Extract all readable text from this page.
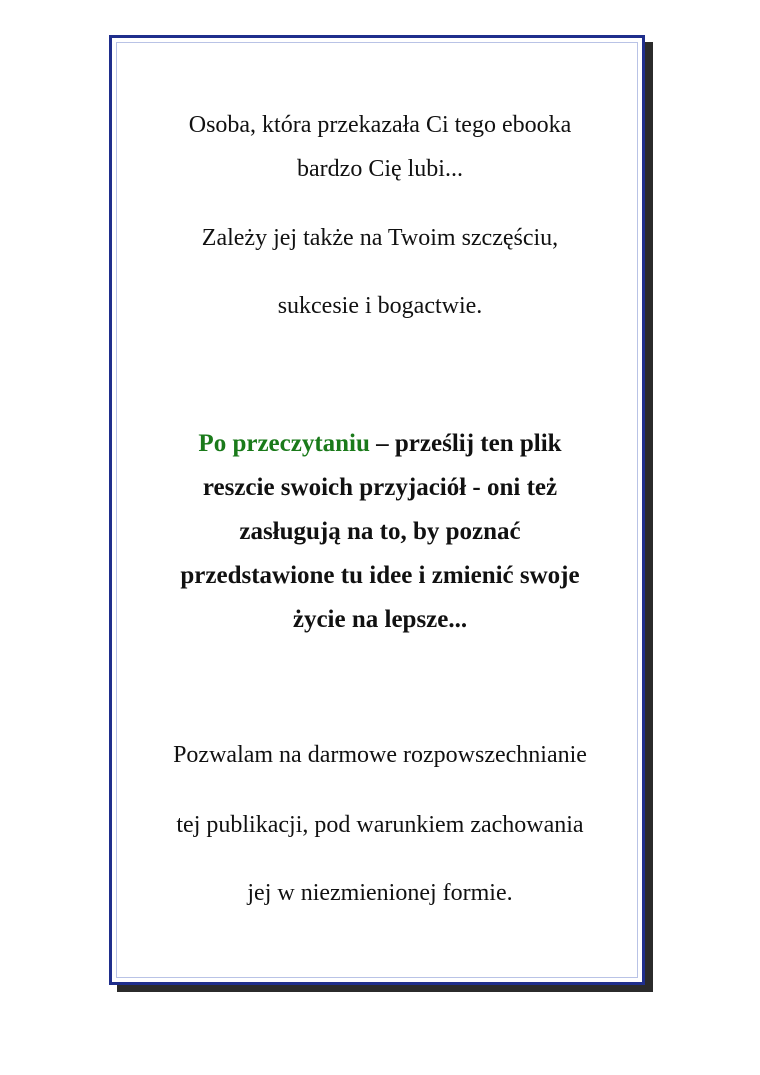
Osoba, która przekazała Ci tego ebooka
bardzo Cię lubi...
Zależy jej także na Twoim szczęściu,
sukcesie i bogactwie.
Po przeczytaniu – prześlij ten plik
reszcie swoich przyjaciół - oni też
zasługują na to, by poznać
przedstawione tu idee i zmienić swoje
życie na lepsze...
Pozwalam na darmowe rozpowszechnianie
tej publikacji, pod warunkiem zachowania
jej w niezmienionej formie.
